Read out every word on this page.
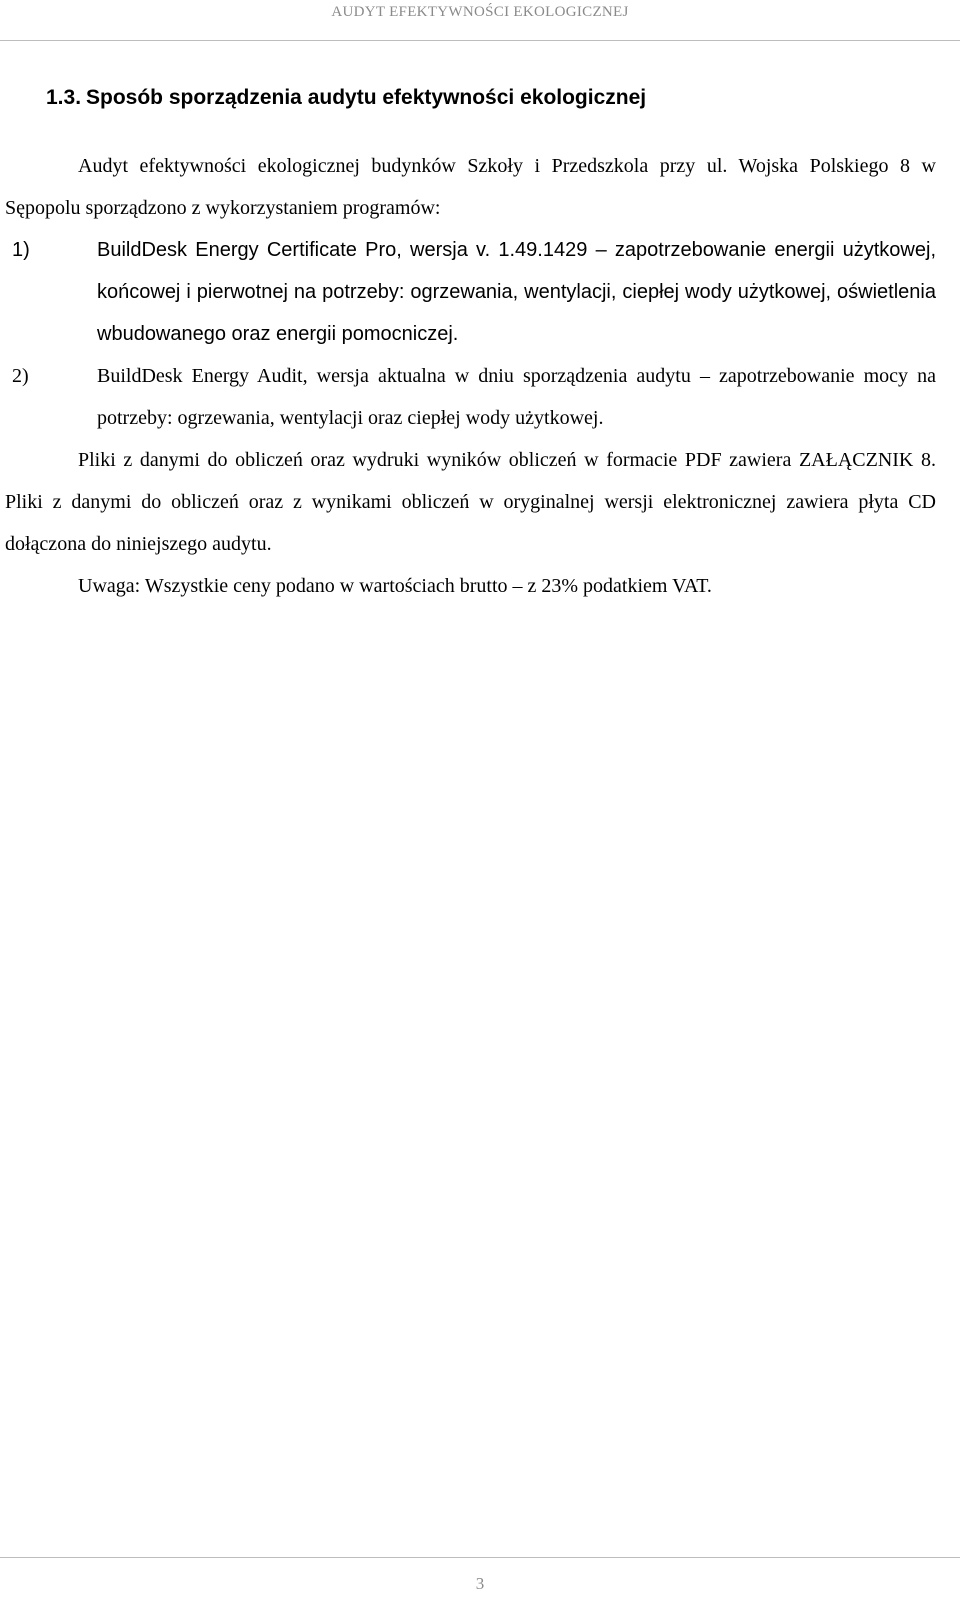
AUDYT EFEKTYWNOŚCI EKOLOGICZNEJ
1.3. Sposób sporządzenia audytu efektywności ekologicznej

Audyt efektywności ekologicznej budynków Szkoły i Przedszkola przy ul. Wojska Polskiego 8 w Sępopolu sporządzono z wykorzystaniem programów:

1)	BuildDesk Energy Certificate Pro, wersja v. 1.49.1429 – zapotrzebowanie energii użytkowej, końcowej i pierwotnej na potrzeby: ogrzewania, wentylacji, ciepłej wody użytkowej, oświetlenia wbudowanego oraz energii pomocniczej.
2)	BuildDesk Energy Audit, wersja aktualna w dniu sporządzenia audytu – zapotrzebowanie mocy na potrzeby: ogrzewania, wentylacji oraz ciepłej wody użytkowej.

Pliki z danymi do obliczeń oraz wydruki wyników obliczeń w formacie PDF zawiera ZAŁĄCZNIK 8. Pliki z danymi do obliczeń oraz z wynikami obliczeń w oryginalnej wersji elektronicznej zawiera płyta CD dołączona do niniejszego audytu.

Uwaga: Wszystkie ceny podano w wartościach brutto – z 23% podatkiem VAT.

3
